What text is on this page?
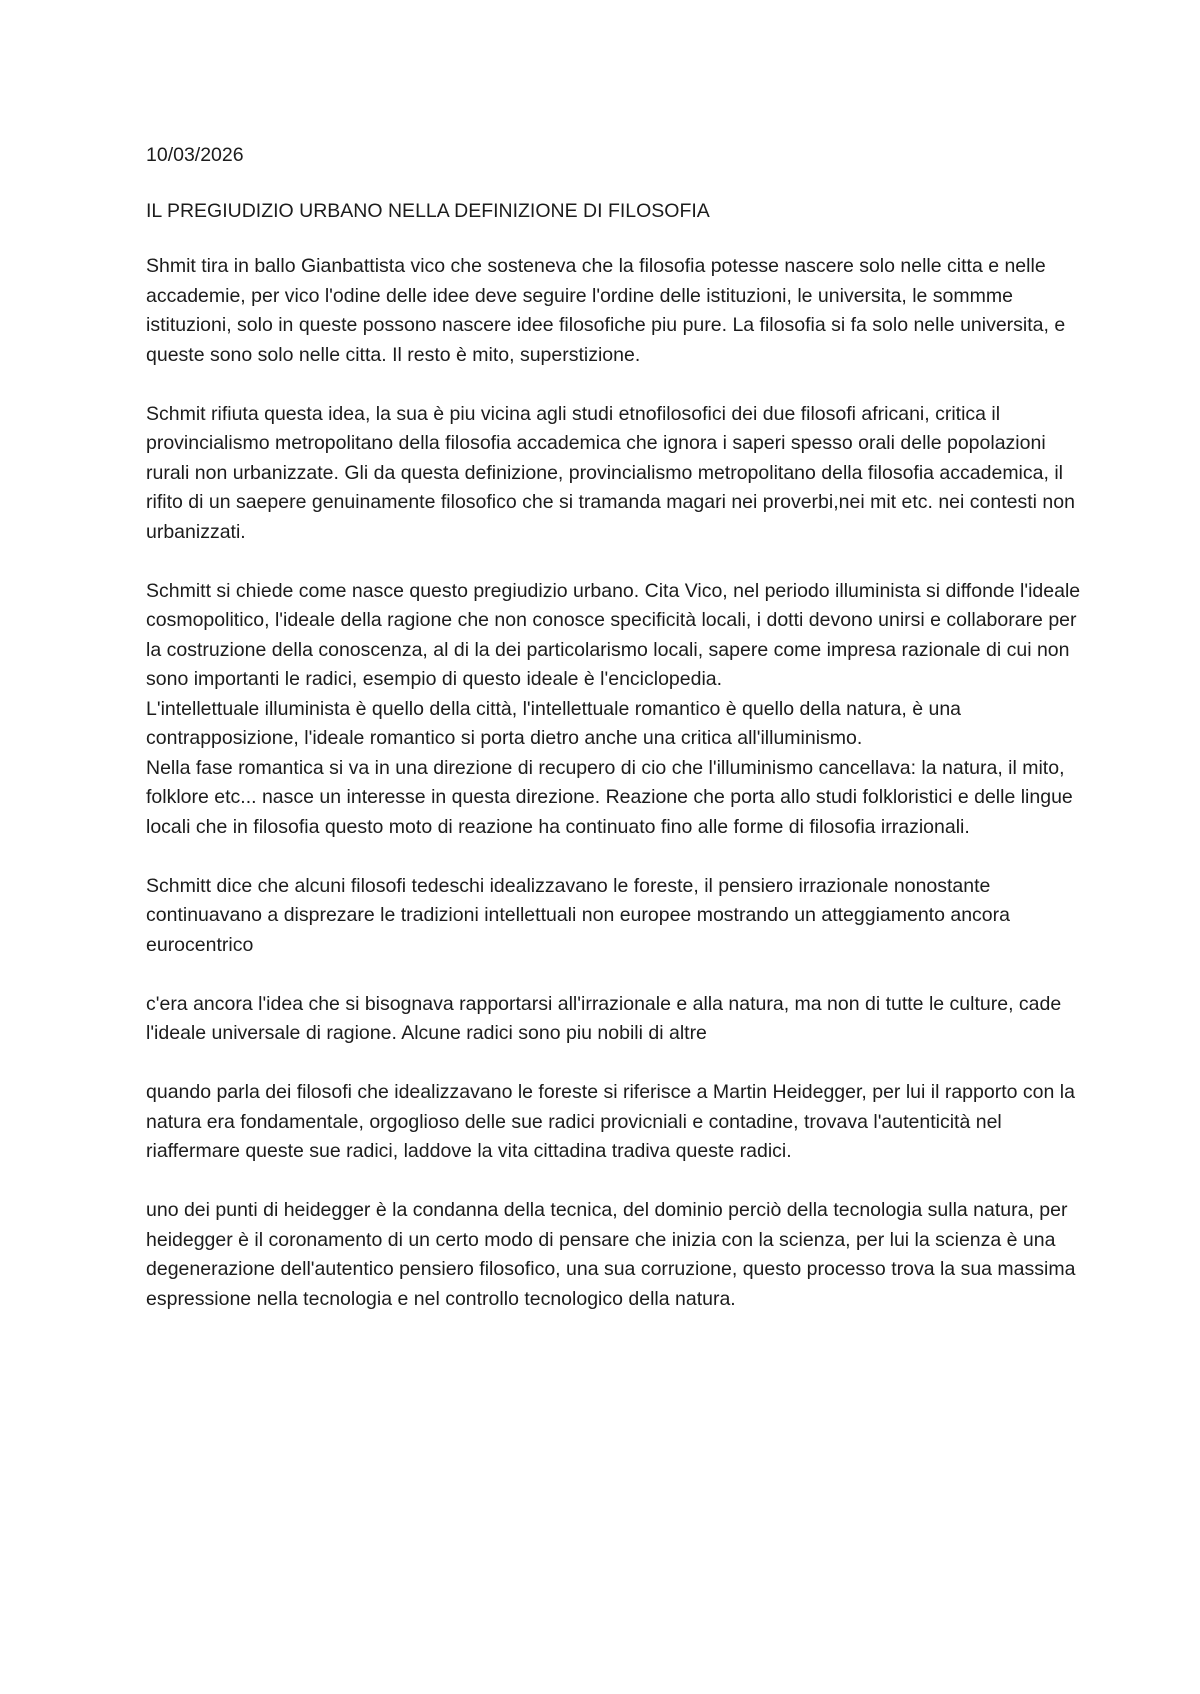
10/03/2026
IL PREGIUDIZIO URBANO NELLA DEFINIZIONE DI FILOSOFIA

Shmit tira in ballo Gianbattista vico che sosteneva che la filosofia potesse nascere solo nelle citta e nelle accademie, per vico l'odine delle idee deve seguire l'ordine delle istituzioni, le universita, le sommme istituzioni, solo in queste possono nascere idee filosofiche piu pure. La filosofia si fa solo nelle universita, e queste sono solo nelle citta. Il resto è mito, superstizione.

Schmit rifiuta questa idea, la sua è piu vicina agli studi etnofilosofici dei due filosofi africani, critica il provincialismo metropolitano della filosofia accademica che ignora i saperi spesso orali delle popolazioni rurali non urbanizzate. Gli da questa definizione, provincialismo metropolitano della filosofia accademica, il rifito di un saepere genuinamente filosofico che si tramanda magari nei proverbi,nei mit etc. nei contesti non urbanizzati.

Schmitt si chiede come nasce questo pregiudizio urbano. Cita Vico, nel periodo illuminista si diffonde l'ideale cosmopolitico, l'ideale della ragione che non conosce specificità locali, i dotti devono unirsi e collaborare per la costruzione della conoscenza, al di la dei particolarismo locali, sapere come impresa razionale di cui non sono importanti le radici, esempio di questo ideale è l'enciclopedia.

L'intellettuale illuminista è quello della città, l'intellettuale romantico è quello della natura, è una contrapposizione, l'ideale romantico si porta dietro anche una critica all'illuminismo.

Nella fase romantica si va in una direzione di recupero di cio che l'illuminismo cancellava: la natura, il mito, folklore etc... nasce un interesse in questa direzione. Reazione che porta allo studi folkloristici e delle lingue locali che in filosofia questo moto di reazione ha continuato fino alle forme di filosofia irrazionali.

Schmitt dice che alcuni filosofi tedeschi idealizzavano le foreste, il pensiero irrazionale nonostante continuavano a disprezare le tradizioni intellettuali non europee mostrando un atteggiamento ancora eurocentrico

c'era ancora l'idea che si bisognava rapportarsi all'irrazionale e alla natura, ma non di tutte le culture, cade l'ideale universale di ragione. Alcune radici sono piu nobili di altre

quando parla dei filosofi che idealizzavano le foreste si riferisce a Martin Heidegger, per lui il rapporto con la natura era fondamentale, orgoglioso delle sue radici provicniali e contadine, trovava l'autenticità nel riaffermare queste sue radici, laddove la vita cittadina tradiva queste radici.

uno dei punti di heidegger è la condanna della tecnica, del dominio perciò della tecnologia sulla natura, per heidegger è il coronamento di un certo modo di pensare che inizia con la scienza, per lui la scienza è una degenerazione dell'autentico pensiero filosofico, una sua corruzione, questo processo trova la sua massima espressione nella tecnologia e nel controllo tecnologico della natura.
